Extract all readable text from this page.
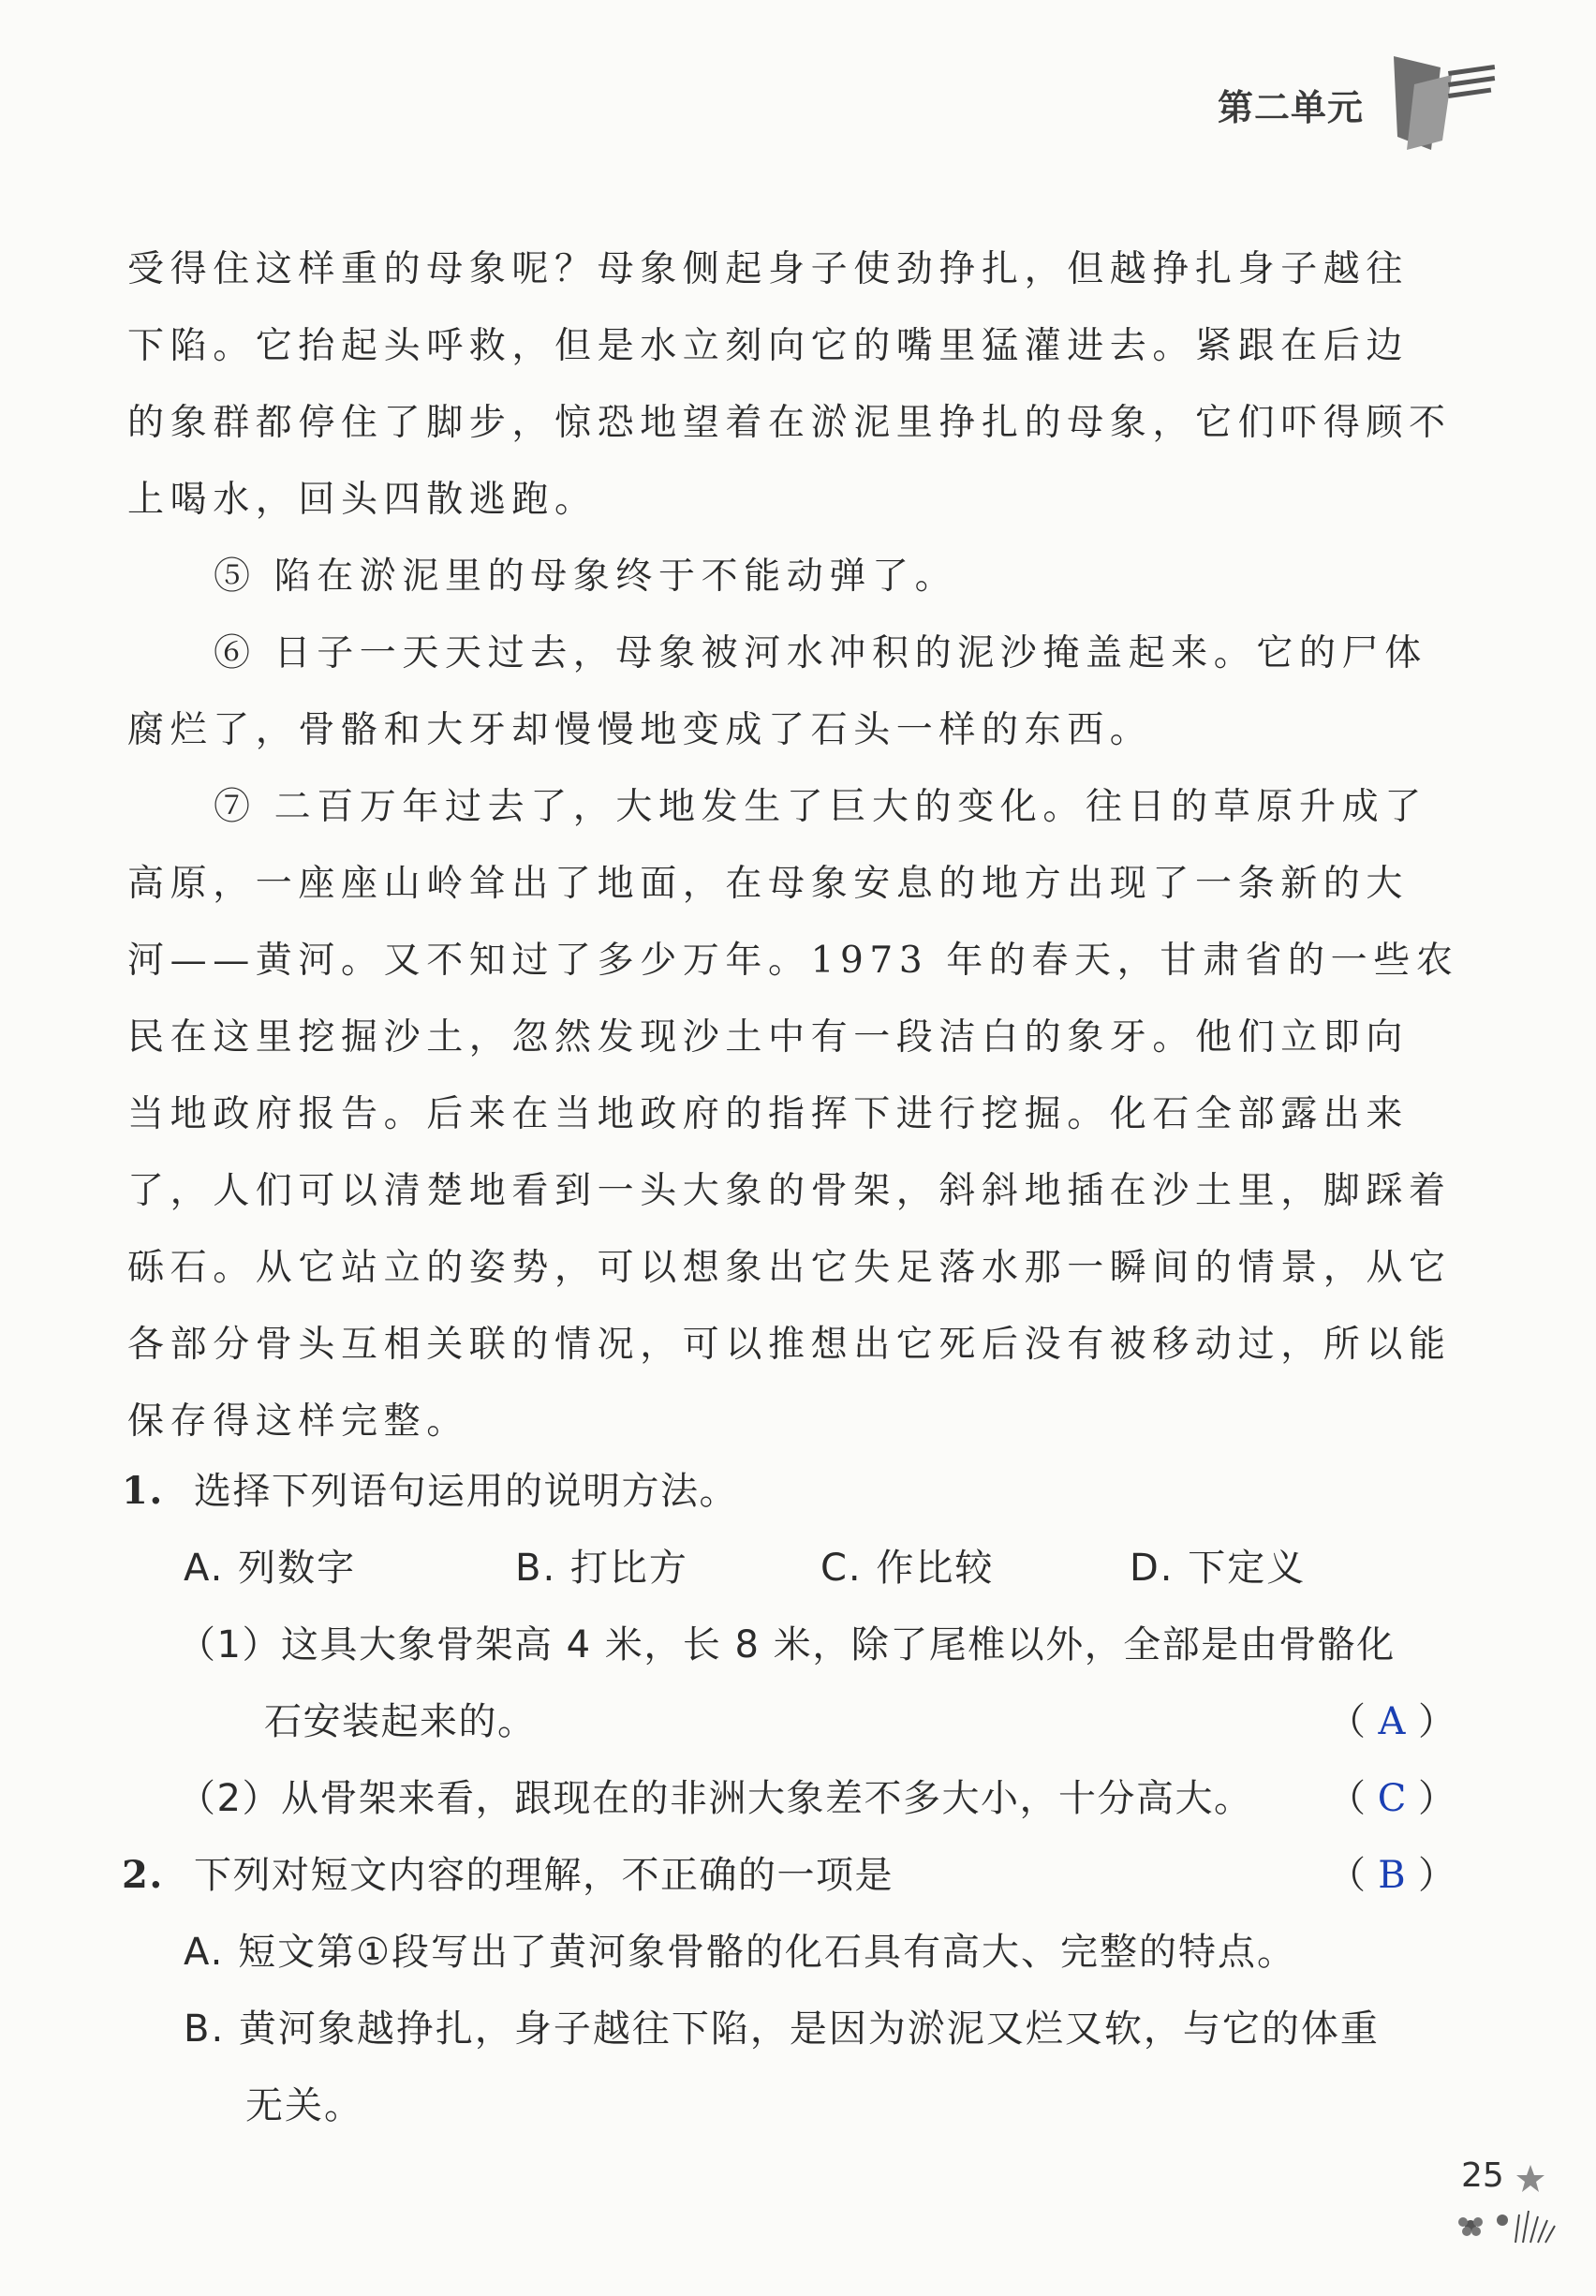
第二单元
受得住这样重的母象呢？母象侧起身子使劲挣扎，但越挣扎身子越往
下陷。它抬起头呼救，但是水立刻向它的嘴里猛灌进去。紧跟在后边
的象群都停住了脚步，惊恐地望着在淤泥里挣扎的母象，它们吓得顾不
上喝水，回头四散逃跑。
⑤ 陷在淤泥里的母象终于不能动弹了。
⑥ 日子一天天过去，母象被河水冲积的泥沙掩盖起来。它的尸体
腐烂了，骨骼和大牙却慢慢地变成了石头一样的东西。
⑦ 二百万年过去了，大地发生了巨大的变化。往日的草原升成了
高原，一座座山岭耸出了地面，在母象安息的地方出现了一条新的大
河——黄河。又不知过了多少万年。1973 年的春天，甘肃省的一些农
民在这里挖掘沙土，忽然发现沙土中有一段洁白的象牙。他们立即向
当地政府报告。后来在当地政府的指挥下进行挖掘。化石全部露出来
了，人们可以清楚地看到一头大象的骨架，斜斜地插在沙土里，脚踩着
砾石。从它站立的姿势，可以想象出它失足落水那一瞬间的情景，从它
各部分骨头互相关联的情况，可以推想出它死后没有被移动过，所以能
保存得这样完整。
1. 选择下列语句运用的说明方法。
A. 列数字	B. 打比方	C. 作比较	D. 下定义
（1）这具大象骨架高 4 米，长 8 米，除了尾椎以外，全部是由骨骼化
石安装起来的。	（ A ）
（2）从骨架来看，跟现在的非洲大象差不多大小，十分高大。 （ C ）
2. 下列对短文内容的理解，不正确的一项是	（ B ）
A. 短文第①段写出了黄河象骨骼的化石具有高大、完整的特点。
B. 黄河象越挣扎，身子越往下陷，是因为淤泥又烂又软，与它的体重
无关。
25
